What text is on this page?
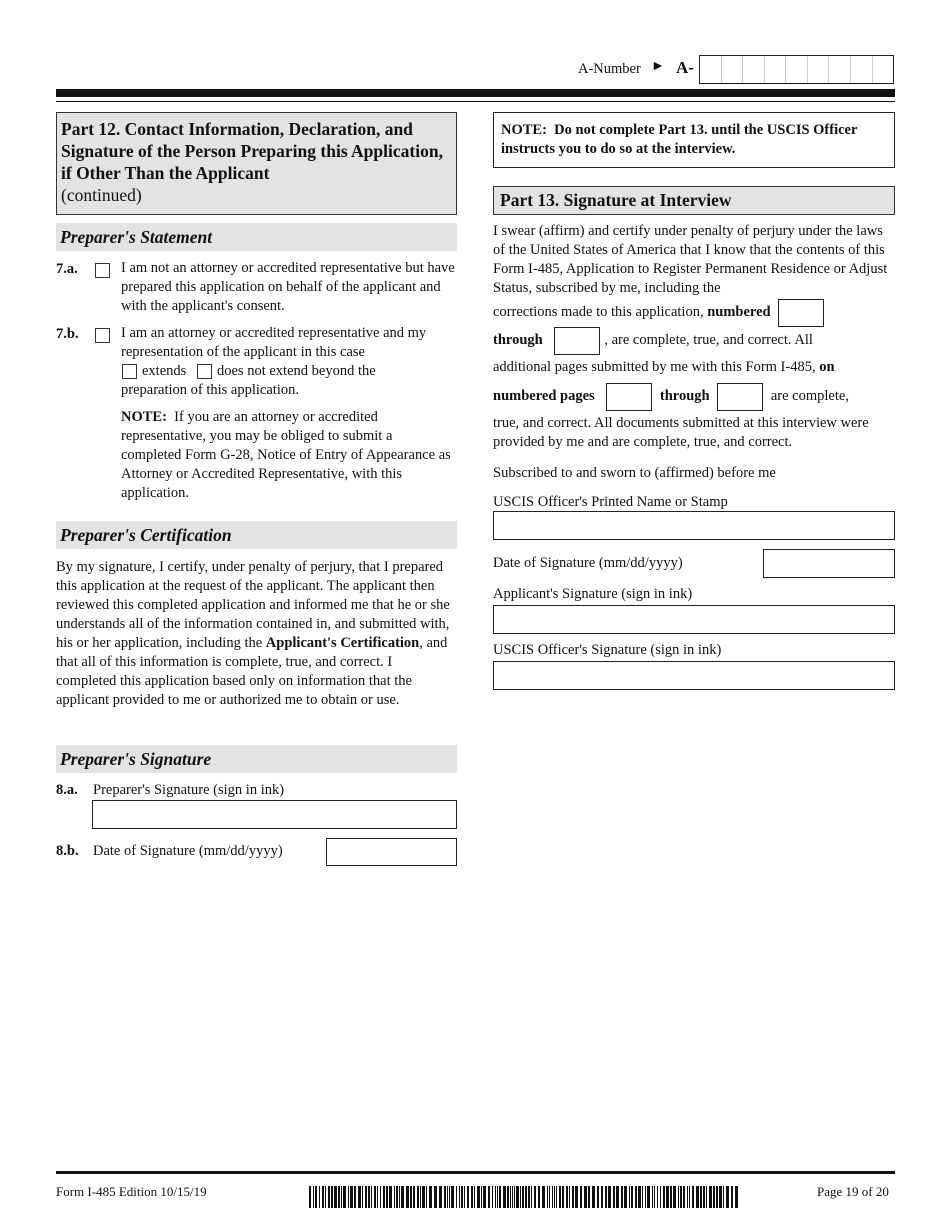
A-Number ► A-
Part 12. Contact Information, Declaration, and Signature of the Person Preparing this Application, if Other Than the Applicant
(continued)
Preparer's Statement
7.a.	I am not an attorney or accredited representative but have prepared this application on behalf of the applicant and with the applicant's consent.
7.b.	I am an attorney or accredited representative and my representation of the applicant in this case
extends does not extend beyond the
preparation of this application.
NOTE: If you are an attorney or accredited representative, you may be obliged to submit a completed Form G-28, Notice of Entry of Appearance as Attorney or Accredited Representative, with this application.
Preparer's Certification
By my signature, I certify, under penalty of perjury, that I prepared this application at the request of the applicant. The applicant then reviewed this completed application and informed me that he or she understands all of the information contained in, and submitted with, his or her application, including the Applicant's Certification, and that all of this information is complete, true, and correct. I completed this application based only on information that the applicant provided to me or authorized me to obtain or use.
Preparer's Signature
8.a. Preparer's Signature (sign in ink)
8.b. Date of Signature (mm/dd/yyyy)
NOTE: Do not complete Part 13. until the USCIS Officer instructs you to do so at the interview.
Part 13. Signature at Interview
I swear (affirm) and certify under penalty of perjury under the laws of the United States of America that I know that the contents of this Form I-485, Application to Register Permanent Residence or Adjust Status, subscribed by me, including the
corrections made to this application, numbered
through	, are complete, true, and correct. All
additional pages submitted by me with this Form I-485, on
numbered pages	through	are complete,
true, and correct. All documents submitted at this interview were provided by me and are complete, true, and correct.
Subscribed to and sworn to (affirmed) before me
USCIS Officer's Printed Name or Stamp
Date of Signature (mm/dd/yyyy)
Applicant's Signature (sign in ink)
USCIS Officer's Signature (sign in ink)
Form I-485 Edition 10/15/19	Page 19 of 20
